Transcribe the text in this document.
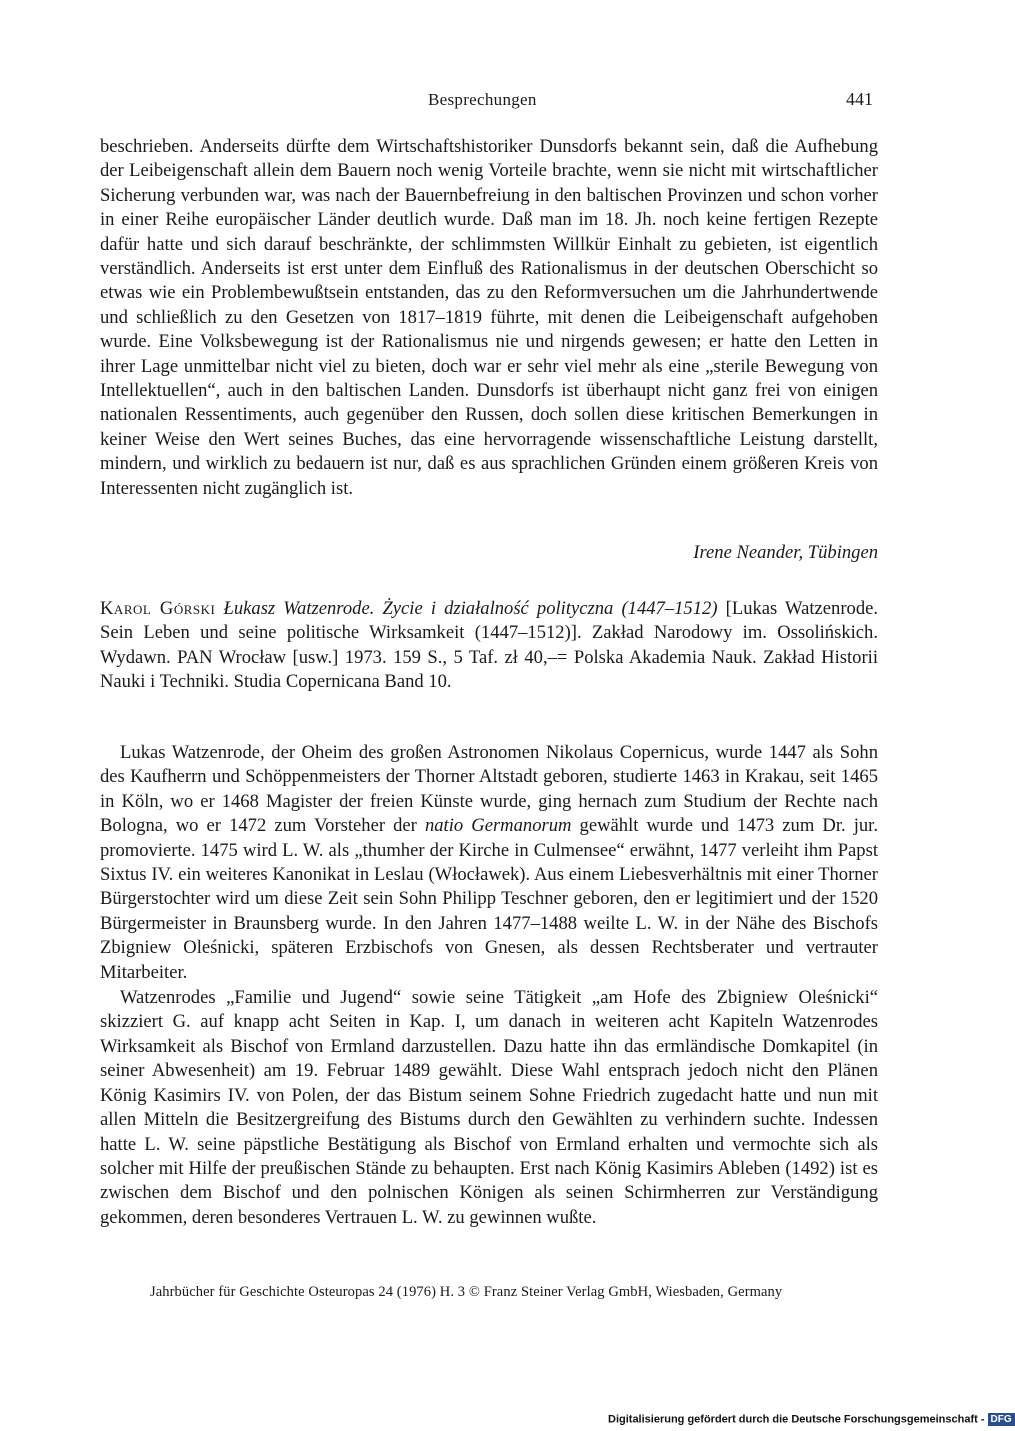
Besprechungen	441

beschrieben. Anderseits dürfte dem Wirtschaftshistoriker Dunsdorfs bekannt sein, daß die Aufhebung der Leibeigenschaft allein dem Bauern noch wenig Vorteile brachte, wenn sie nicht mit wirtschaftlicher Sicherung verbunden war, was nach der Bauernbefreiung in den baltischen Provinzen und schon vorher in einer Reihe europäischer Länder deutlich wurde. Daß man im 18. Jh. noch keine fertigen Rezepte dafür hatte und sich darauf beschränkte, der schlimmsten Willkür Einhalt zu gebieten, ist eigentlich verständlich. Anderseits ist erst unter dem Einfluß des Rationalismus in der deutschen Oberschicht so etwas wie ein Problembewußtsein entstanden, das zu den Reformversuchen um die Jahrhundertwende und schließlich zu den Gesetzen von 1817–1819 führte, mit denen die Leibeigenschaft aufgehoben wurde. Eine Volksbewegung ist der Rationalismus nie und nirgends gewesen; er hatte den Letten in ihrer Lage unmittelbar nicht viel zu bieten, doch war er sehr viel mehr als eine „sterile Bewegung von Intellektuellen“, auch in den baltischen Landen. Dunsdorfs ist überhaupt nicht ganz frei von einigen nationalen Ressentiments, auch gegenüber den Russen, doch sollen diese kritischen Bemerkungen in keiner Weise den Wert seines Buches, das eine hervorragende wissenschaftliche Leistung darstellt, mindern, und wirklich zu bedauern ist nur, daß es aus sprachlichen Gründen einem größeren Kreis von Interessenten nicht zugänglich ist.

Irene Neander, Tübingen
Karol Górski Łukasz Watzenrode. Życie i działalność polityczna (1447–1512) [Lukas Watzenrode. Sein Leben und seine politische Wirksamkeit (1447–1512)]. Zakład Narodowy im. Ossolińskich. Wydawn. PAN Wrocław [usw.] 1973. 159 S., 5 Taf. zł 40,–= Polska Akademia Nauk. Zakład Historii Nauki i Techniki. Studia Copernicana Band 10.

Lukas Watzenrode, der Oheim des großen Astronomen Nikolaus Copernicus, wurde 1447 als Sohn des Kaufherrn und Schöppenmeisters der Thorner Altstadt geboren, studierte 1463 in Krakau, seit 1465 in Köln, wo er 1468 Magister der freien Künste wurde, ging hernach zum Studium der Rechte nach Bologna, wo er 1472 zum Vorsteher der natio Germanorum gewählt wurde und 1473 zum Dr. jur. promovierte. 1475 wird L. W. als „thumher der Kirche in Culmensee“ erwähnt, 1477 verleiht ihm Papst Sixtus IV. ein weiteres Kanonikat in Leslau (Włocławek). Aus einem Liebesverhältnis mit einer Thorner Bürgerstochter wird um diese Zeit sein Sohn Philipp Teschner geboren, den er legitimiert und der 1520 Bürgermeister in Braunsberg wurde. In den Jahren 1477–1488 weilte L. W. in der Nähe des Bischofs Zbigniew Oleśnicki, späteren Erzbischofs von Gnesen, als dessen Rechtsberater und vertrauter Mitarbeiter.

Watzenrodes „Familie und Jugend“ sowie seine Tätigkeit „am Hofe des Zbigniew Oleśnicki“ skizziert G. auf knapp acht Seiten in Kap. I, um danach in weiteren acht Kapiteln Watzenrodes Wirksamkeit als Bischof von Ermland darzustellen. Dazu hatte ihn das ermländische Domkapitel (in seiner Abwesenheit) am 19. Februar 1489 gewählt. Diese Wahl entsprach jedoch nicht den Plänen König Kasimirs IV. von Polen, der das Bistum seinem Sohne Friedrich zugedacht hatte und nun mit allen Mitteln die Besitzergreifung des Bistums durch den Gewählten zu verhindern suchte. Indessen hatte L. W. seine päpstliche Bestätigung als Bischof von Ermland erhalten und vermochte sich als solcher mit Hilfe der preußischen Stände zu behaupten. Erst nach König Kasimirs Ableben (1492) ist es zwischen dem Bischof und den polnischen Königen als seinen Schirmherren zur Verständigung gekommen, deren besonderes Vertrauen L. W. zu gewinnen wußte.

Jahrbücher für Geschichte Osteuropas 24 (1976) H. 3 © Franz Steiner Verlag GmbH, Wiesbaden, Germany
Digitalisierung gefördert durch die Deutsche Forschungsgemeinschaft - DFG
